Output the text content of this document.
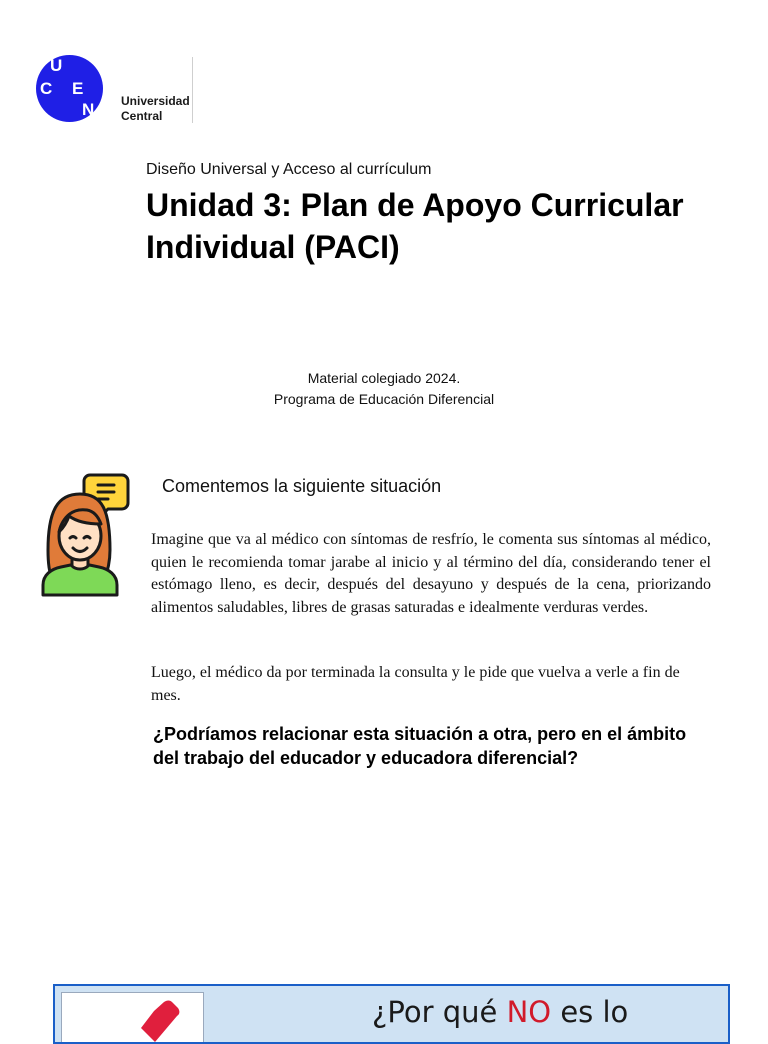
U
C E
N Universidad
Central
Diseño Universal y Acceso al currículum
Unidad 3: Plan de Apoyo Curricular Individual (PACI)
Material colegiado 2024.
Programa de Educación Diferencial
Comentemos la siguiente situación
Imagine que va al médico con síntomas de resfrío, le comenta sus síntomas al médico, quien le recomienda tomar jarabe al inicio y al término del día, considerando tener el estómago lleno, es decir, después del desayuno y después de la cena, priorizando alimentos saludables, libres de grasas saturadas e idealmente verduras verdes.
Luego, el médico da por terminada la consulta y le pide que vuelva a verle a fin de mes.
¿Podríamos relacionar esta situación a otra, pero en el ámbito del trabajo del educador y educadora diferencial?
¿Por qué NO es lo
